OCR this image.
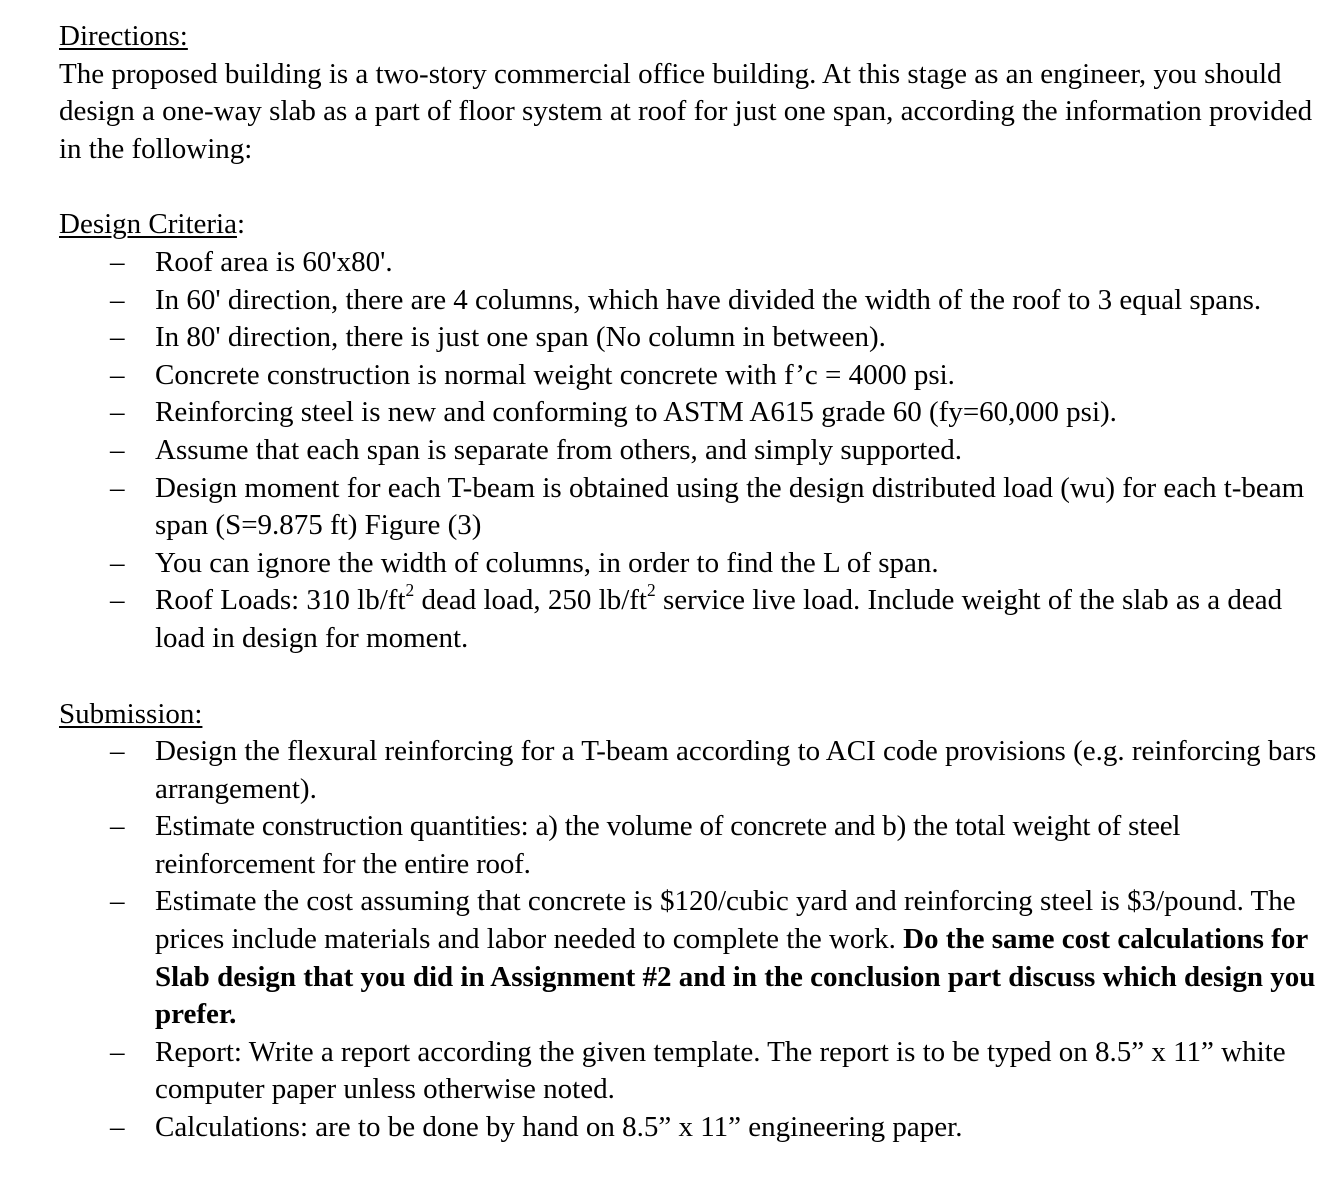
Directions:

The proposed building is a two-story commercial office building. At this stage as an engineer, you should design a one-way slab as a part of floor system at roof for just one span, according the information provided in the following:

Design Criteria:

– Roof area is 60'x80'.
– In 60' direction, there are 4 columns, which have divided the width of the roof to 3 equal spans.
– In 80' direction, there is just one span (No column in between).
– Concrete construction is normal weight concrete with f’c = 4000 psi.
– Reinforcing steel is new and conforming to ASTM A615 grade 60 (fy=60,000 psi).
– Assume that each span is separate from others, and simply supported.
– Design moment for each T-beam is obtained using the design distributed load (wu) for each t-beam span (S=9.875 ft) Figure (3)
– You can ignore the width of columns, in order to find the L of span.
– Roof Loads: 310 $lb/ft^2$ dead load, 250 $lb/ft^2$ service live load. Include weight of the slab as a dead load in design for moment.

Submission:

– Design the flexural reinforcing for a T-beam according to ACI code provisions (e.g. reinforcing bars arrangement).
– Estimate construction quantities: a) the volume of concrete and b) the total weight of steel reinforcement for the entire roof.
– Estimate the cost assuming that concrete is $120/cubic yard and reinforcing steel is $3/pound. The prices include materials and labor needed to complete the work. Do the same cost calculations for Slab design that you did in Assignment #2 and in the conclusion part discuss which design you prefer.
– Report: Write a report according the given template. The report is to be typed on 8.5” x 11” white computer paper unless otherwise noted.
– Calculations: are to be done by hand on 8.5” x 11” engineering paper.
